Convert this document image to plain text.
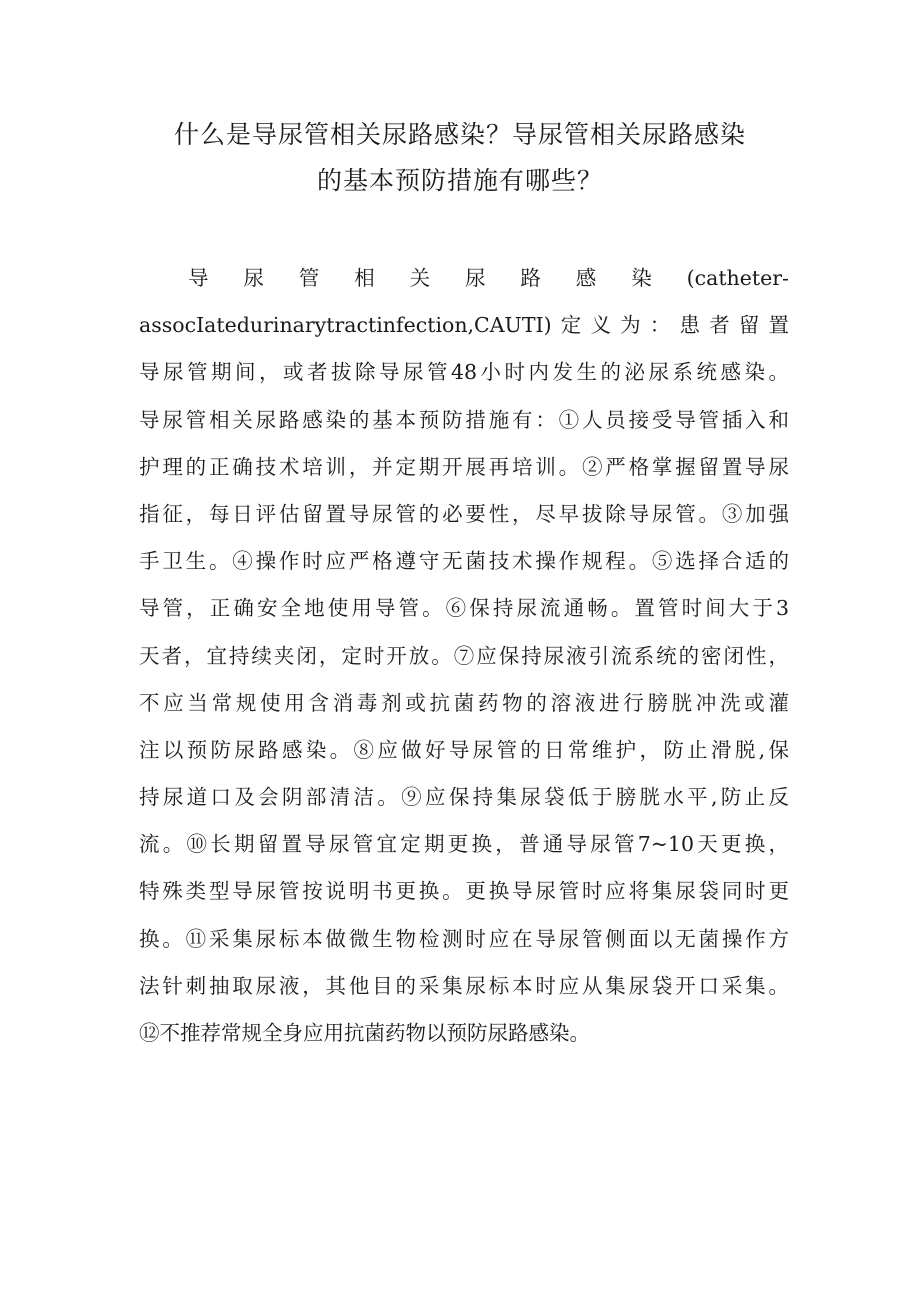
什么是导尿管相关尿路感染？导尿管相关尿路感染
的基本预防措施有哪些？
导 尿 管 相 关 尿 路 感 染 (catheter-
assocIatedurinarytractinfection,CAUTI)定义为：患者留置
导尿管期间，或者拔除导尿管48小时内发生的泌尿系统感染。
导尿管相关尿路感染的基本预防措施有：①人员接受导管插入和
护理的正确技术培训，并定期开展再培训。②严格掌握留置导尿
指征，每日评估留置导尿管的必要性，尽早拔除导尿管。③加强
手卫生。④操作时应严格遵守无菌技术操作规程。⑤选择合适的
导管，正确安全地使用导管。⑥保持尿流通畅。置管时间大于3
天者，宜持续夹闭，定时开放。⑦应保持尿液引流系统的密闭性，
不应当常规使用含消毒剂或抗菌药物的溶液进行膀胱冲洗或灌
注以预防尿路感染。⑧应做好导尿管的日常维护，防止滑脱,保
持尿道口及会阴部清洁。⑨应保持集尿袋低于膀胱水平,防止反
流。⑩长期留置导尿管宜定期更换，普通导尿管7~10天更换，
特殊类型导尿管按说明书更换。更换导尿管时应将集尿袋同时更
换。⑪采集尿标本做微生物检测时应在导尿管侧面以无菌操作方
法针刺抽取尿液，其他目的采集尿标本时应从集尿袋开口采集。
⑫不推荐常规全身应用抗菌药物以预防尿路感染。
